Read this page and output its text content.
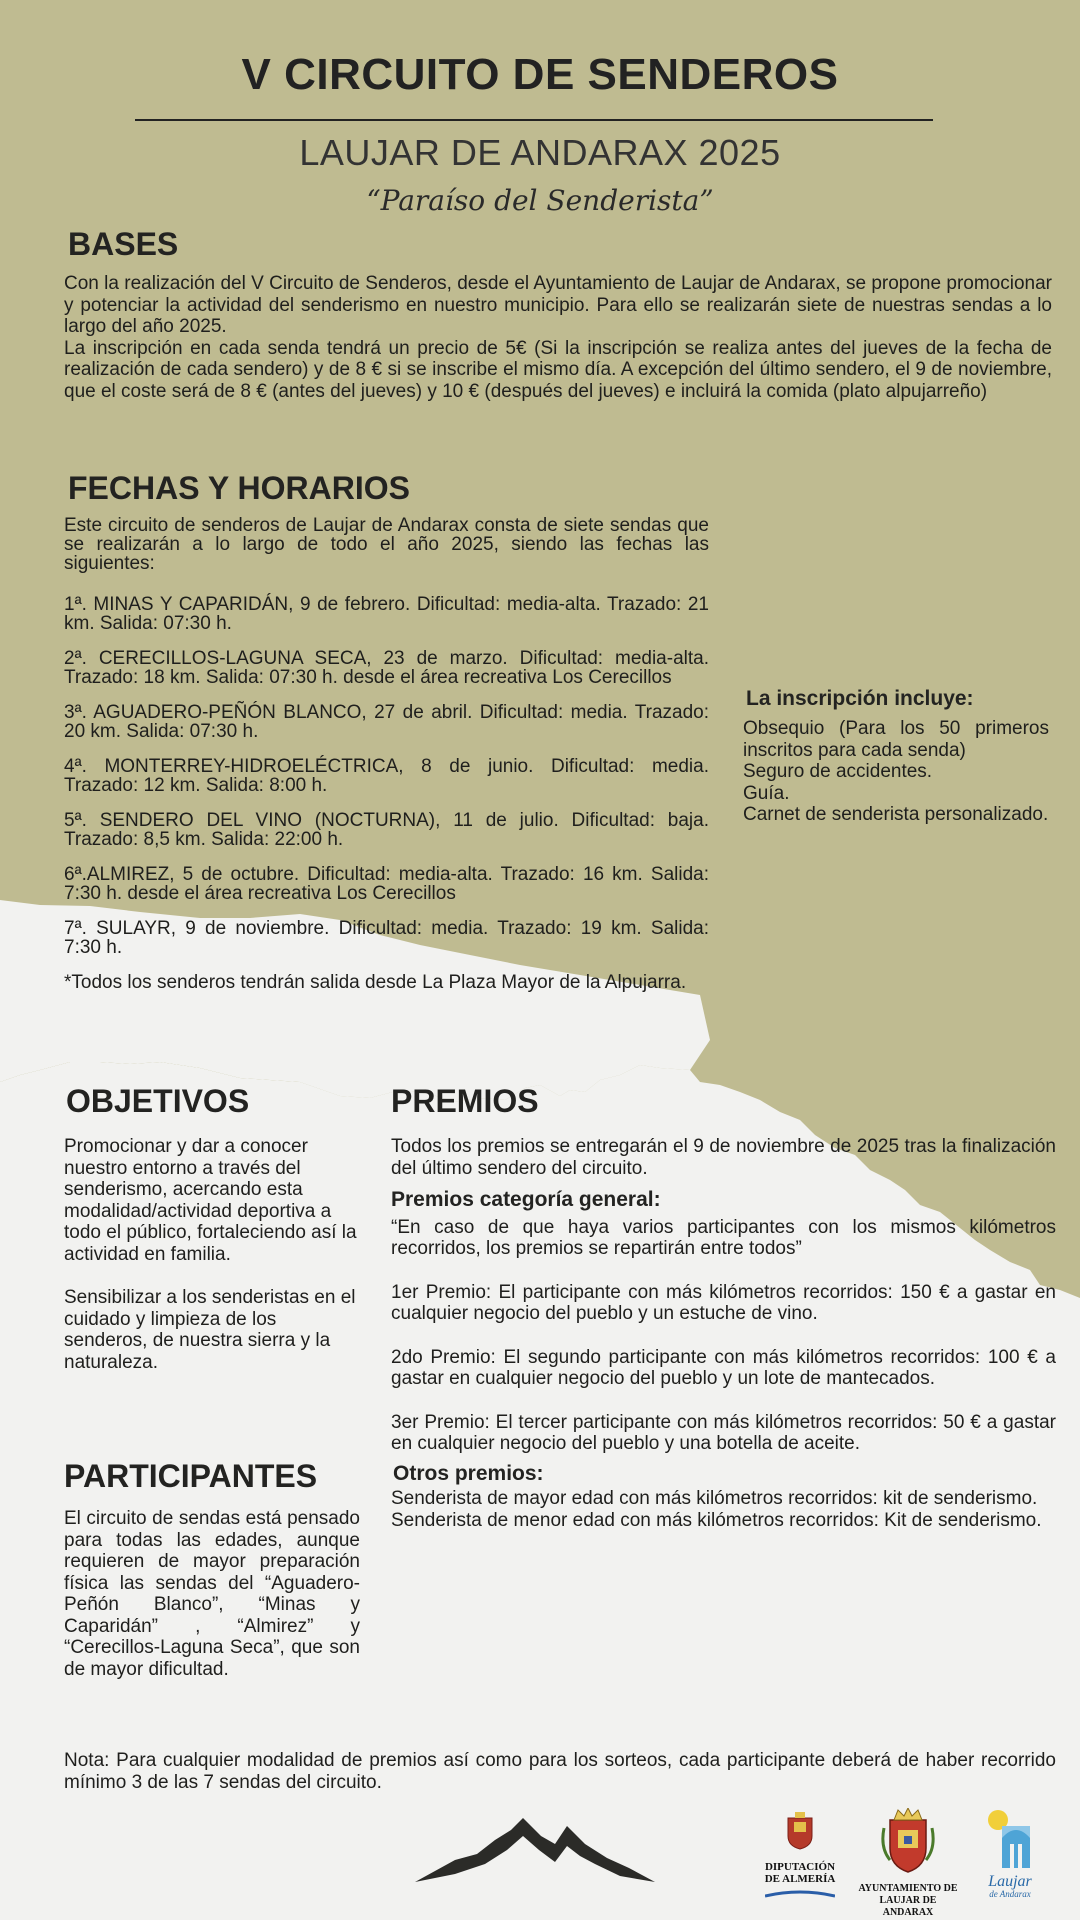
V CIRCUITO DE SENDEROS
LAUJAR DE ANDARAX 2025
“Paraíso del Senderista”
BASES

Con la realización del V Circuito de Senderos, desde el Ayuntamiento de Laujar de Andarax, se propone promocionar y potenciar la actividad del senderismo en nuestro municipio. Para ello se realizarán siete de nuestras sendas a lo largo del año 2025.

La inscripción en cada senda tendrá un precio de 5€ (Si la inscripción se realiza antes del jueves de la fecha de realización de cada sendero) y de 8 € si se inscribe el mismo día. A excepción del último sendero, el 9 de noviembre, que el coste será de 8 € (antes del jueves) y 10 € (después del jueves) e incluirá la comida (plato alpujarreño)

FECHAS Y HORARIOS

Este circuito de senderos de Laujar de Andarax consta de siete sendas que se realizarán a lo largo de todo el año 2025, siendo las fechas las siguientes:

1ª. MINAS Y CAPARIDÁN, 9 de febrero. Dificultad: media-alta. Trazado: 21 km. Salida: 07:30 h.

2ª. CERECILLOS-LAGUNA SECA, 23 de marzo. Dificultad: media-alta. Trazado: 18 km. Salida: 07:30 h. desde el área recreativa Los Cerecillos

3ª. AGUADERO-PEÑÓN BLANCO, 27 de abril. Dificultad: media. Trazado: 20 km. Salida: 07:30 h.

4ª. MONTERREY-HIDROELÉCTRICA, 8 de junio. Dificultad: media. Trazado: 12 km. Salida: 8:00 h.

5ª. SENDERO DEL VINO (NOCTURNA), 11 de julio. Dificultad: baja. Trazado: 8,5 km. Salida: 22:00 h.

6ª.ALMIREZ, 5 de octubre. Dificultad: media-alta. Trazado: 16 km. Salida: 7:30 h. desde el área recreativa Los Cerecillos

7ª. SULAYR, 9 de noviembre. Dificultad: media. Trazado: 19 km. Salida: 7:30 h.

*Todos los senderos tendrán salida desde La Plaza Mayor de la Alpujarra.

La inscripción incluye:

Obsequio (Para los 50 primeros inscritos para cada senda)

Seguro de accidentes.

Guía.

Carnet de senderista personalizado.

OBJETIVOS

Promocionar y dar a conocer nuestro entorno a través del senderismo, acercando esta modalidad/actividad deportiva a todo el público, fortaleciendo así la actividad en familia.

Sensibilizar a los senderistas en el cuidado y limpieza de los senderos, de nuestra sierra y la naturaleza.

PARTICIPANTES

El circuito de sendas está pensado para todas las edades, aunque requieren de mayor preparación física las sendas del “Aguadero-Peñón Blanco”, “Minas y Caparidán” , “Almirez” y “Cerecillos-Laguna Seca”, que son de mayor dificultad.

PREMIOS

Todos los premios se entregarán el 9 de noviembre de 2025 tras la finalización del último sendero del circuito.

Premios categoría general:

“En caso de que haya varios participantes con los mismos kilómetros recorridos, los premios se repartirán entre todos”

1er Premio: El participante con más kilómetros recorridos: 150 € a gastar en cualquier negocio del pueblo y un estuche de vino.

2do Premio: El segundo participante con más kilómetros recorridos: 100 € a gastar en cualquier negocio del pueblo y un lote de mantecados.

3er Premio: El tercer participante con más kilómetros recorridos: 50 € a gastar en cualquier negocio del pueblo y una botella de aceite.

Otros premios:

Senderista de mayor edad con más kilómetros recorridos: kit de senderismo.

Senderista de menor edad con más kilómetros recorridos: Kit de senderismo.

Nota: Para cualquier modalidad de premios así como para los sorteos, cada participante deberá de haber recorrido mínimo 3 de las 7 sendas del circuito.
DIPUTACIÓN
DE ALMERÍA
AYUNTAMIENTO DE
LAUJAR DE ANDARAX
Laujar
de Andarax
